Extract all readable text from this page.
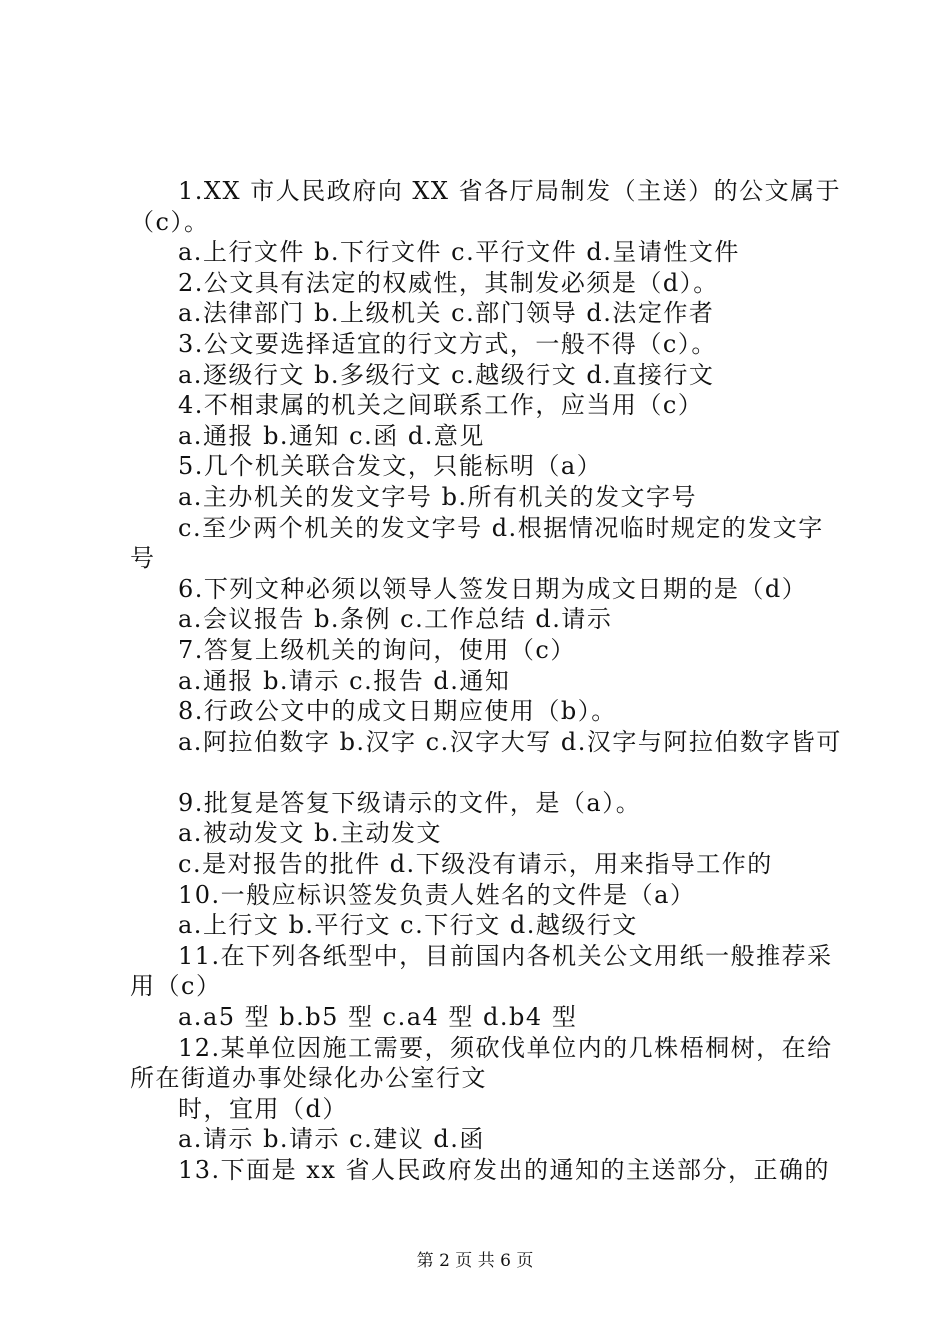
1.XX 市人民政府向 XX 省各厅局制发（主送）的公文属于
（c）。
a.上行文件 b.下行文件 c.平行文件 d.呈请性文件
2.公文具有法定的权威性，其制发必须是（d）。
a.法律部门 b.上级机关 c.部门领导 d.法定作者
3.公文要选择适宜的行文方式，一般不得（c）。
a.逐级行文 b.多级行文 c.越级行文 d.直接行文
4.不相隶属的机关之间联系工作，应当用（c）
a.通报 b.通知 c.函 d.意见
5.几个机关联合发文，只能标明（a）
a.主办机关的发文字号 b.所有机关的发文字号
c.至少两个机关的发文字号 d.根据情况临时规定的发文字
号
6.下列文种必须以领导人签发日期为成文日期的是（d）
a.会议报告 b.条例 c.工作总结 d.请示
7.答复上级机关的询问，使用（c）
a.通报 b.请示 c.报告 d.通知
8.行政公文中的成文日期应使用（b）。
a.阿拉伯数字 b.汉字 c.汉字大写 d.汉字与阿拉伯数字皆可
9.批复是答复下级请示的文件，是（a）。
a.被动发文 b.主动发文
c.是对报告的批件 d.下级没有请示，用来指导工作的
10.一般应标识签发负责人姓名的文件是（a）
a.上行文 b.平行文 c.下行文 d.越级行文
11.在下列各纸型中，目前国内各机关公文用纸一般推荐采
用（c）
a.a5 型 b.b5 型 c.a4 型 d.b4 型
12.某单位因施工需要，须砍伐单位内的几株梧桐树，在给
所在街道办事处绿化办公室行文
时，宜用（d）
a.请示 b.请示 c.建议 d.函
13.下面是 xx 省人民政府发出的通知的主送部分，正确的
第 2 页 共 6 页
